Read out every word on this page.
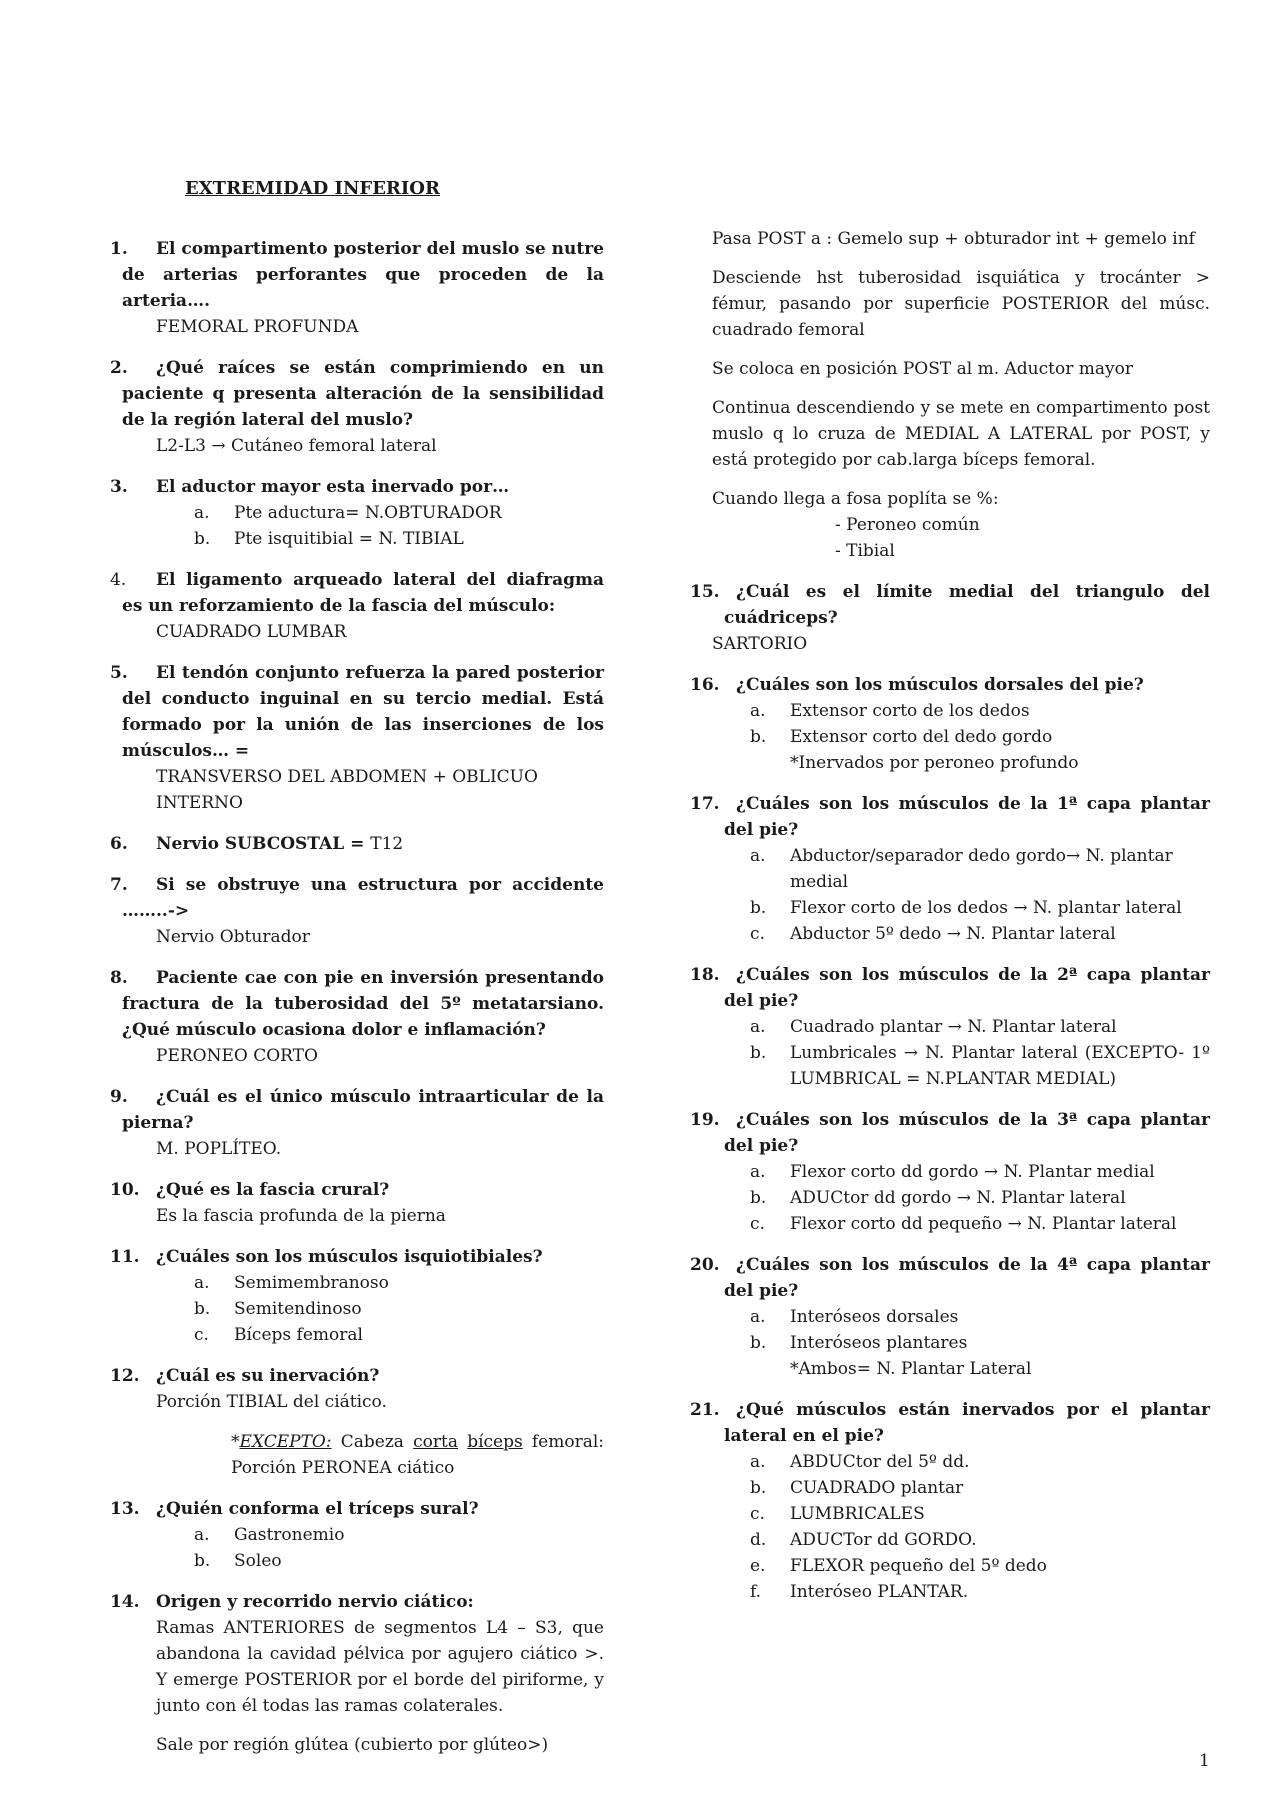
EXTREMIDAD INFERIOR
1. El compartimento posterior del muslo se nutre de arterias perforantes que proceden de la arteria….
FEMORAL PROFUNDA
2. ¿Qué raíces se están comprimiendo en un paciente q presenta alteración de la sensibilidad de la región lateral del muslo?
L2-L3 → Cutáneo femoral lateral
3. El aductor mayor esta inervado por…
a.	Pte aductura= N.OBTURADOR
b.	Pte isquitibial = N. TIBIAL
4. El ligamento arqueado lateral del diafragma es un reforzamiento de la fascia del músculo:
CUADRADO LUMBAR
5. El tendón conjunto refuerza la pared posterior del conducto inguinal en su tercio medial. Está formado por la unión de las inserciones de los músculos… =
TRANSVERSO DEL ABDOMEN + OBLICUO INTERNO
6. Nervio SUBCOSTAL = T12
7. Si se obstruye una estructura por accidente ……..->
Nervio Obturador
8. Paciente cae con pie en inversión presentando fractura de la tuberosidad del 5º metatarsiano. ¿Qué músculo ocasiona dolor e inflamación?
PERONEO CORTO
9. ¿Cuál es el único músculo intraarticular de la pierna?
M. POPLÍTEO.
10. ¿Qué es la fascia crural?
Es la fascia profunda de la pierna
11. ¿Cuáles son los músculos isquiotibiales?
a.	Semimembranoso
b.	Semitendinoso
c.	Bíceps femoral
12. ¿Cuál es su inervación?
Porción TIBIAL del ciático.
*EXCEPTO: Cabeza corta bíceps femoral: Porción PERONEA ciático
13. ¿Quién conforma el tríceps sural?
a.	Gastronemio
b.	Soleo
14. Origen y recorrido nervio ciático:
Ramas ANTERIORES de segmentos L4 – S3, que abandona la cavidad pélvica por agujero ciático >. Y emerge POSTERIOR por el borde del piriforme, y junto con él todas las ramas colaterales.
Sale por región glútea (cubierto por glúteo>)
Pasa POST a : Gemelo sup + obturador int + gemelo inf
Desciende hst tuberosidad isquiática y trocánter > fémur, pasando por superficie POSTERIOR del músc. cuadrado femoral
Se coloca en posición POST al m. Aductor mayor
Continua descendiendo y se mete en compartimento post muslo q lo cruza de MEDIAL A LATERAL por POST, y está protegido por cab.larga bíceps femoral.
Cuando llega a fosa poplíta se %:
- Peroneo común
- Tibial
15. ¿Cuál es el límite medial del triangulo del cuádriceps?
SARTORIO
16. ¿Cuáles son los músculos dorsales del pie?
a.	Extensor corto de los dedos
b.	Extensor corto del dedo gordo
*Inervados por peroneo profundo
17. ¿Cuáles son los músculos de la 1ª capa plantar del pie?
a.	Abductor/separador dedo gordo→ N. plantar medial
b.	Flexor corto de los dedos → N. plantar lateral
c.	Abductor 5º dedo → N. Plantar lateral
18. ¿Cuáles son los músculos de la 2ª capa plantar del pie?
a.	Cuadrado plantar → N. Plantar lateral
b.	Lumbricales → N. Plantar lateral (EXCEPTO- 1º LUMBRICAL = N.PLANTAR MEDIAL)
19. ¿Cuáles son los músculos de la 3ª capa plantar del pie?
a.	Flexor corto dd gordo → N. Plantar medial
b.	ADUCtor dd gordo → N. Plantar lateral
c.	Flexor corto dd pequeño → N. Plantar lateral
20. ¿Cuáles son los músculos de la 4ª capa plantar del pie?
a.	Interóseos dorsales
b.	Interóseos plantares
*Ambos= N. Plantar Lateral
21. ¿Qué músculos están inervados por el plantar lateral en el pie?
a.	ABDUCtor del 5º dd.
b.	CUADRADO plantar
c.	LUMBRICALES
d.	ADUCTor dd GORDO.
e.	FLEXOR pequeño del 5º dedo
f.	Interóseo PLANTAR.
1
